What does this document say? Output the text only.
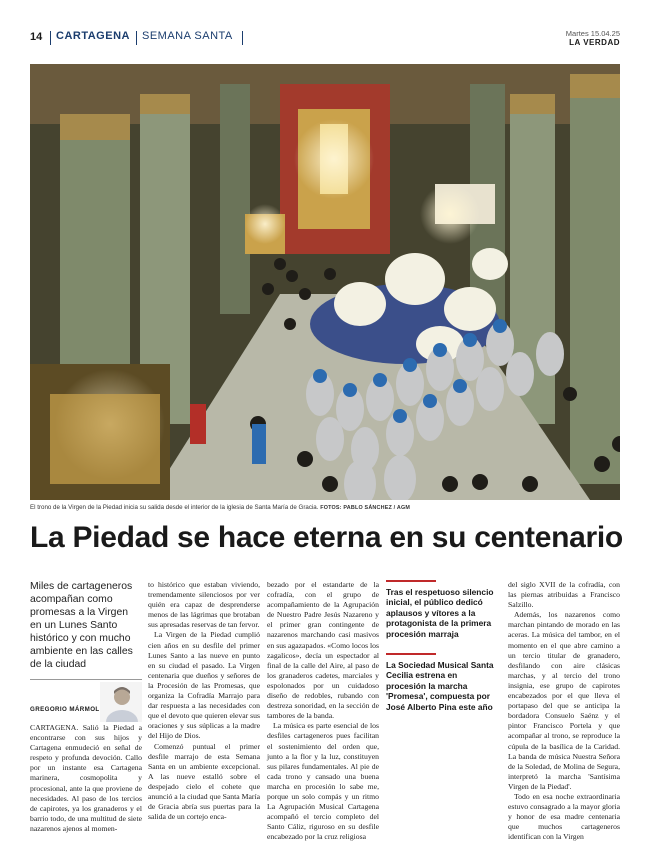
14 CARTAGENA SEMANA SANTA	Martes 15.04.25
LA VERDAD
El trono de la Virgen de la Piedad inicia su salida desde el interior de la iglesia de Santa María de Gracia. FOTOS: PABLO SÁNCHEZ / AGM
La Piedad se hace eterna en su centenario
Miles de cartageneros acompañan como promesas a la Virgen en un Lunes Santo histórico y con mucho ambiente en las calles de la ciudad
GREGORIO MÁRMOL

CARTAGENA. Salió la Piedad a encontrarse con sus hijos y Cartagena enmudeció en señal de respeto y profunda devoción. Callo por un instante esa Cartagena marinera, cosmopolita y procesional, ante la que proviene de necesidades. Al paso de los tercios de capirotes, ya los granaderos y el barrio todo, de una multitud de siete nazarenos ajenos al momen-

to histórico que estaban viviendo, tremendamente silenciosos por ver quién era capaz de desprenderse menos de las lágrimas que brotaban sus apresadas reservas de tan fervor.

La Virgen de la Piedad cumplió cien años en su desfile del primer Lunes Santo a las nueve en punto en su ciudad el pasado. La Virgen centenaria que dueños y señores de la Procesión de las Promesas, que organiza la Cofradía Marrajo para dar respuesta a las necesidades con que el devoto que quieren elevar sus oraciones y sus súplicas a la madre del Hijo de Dios.

Comenzó puntual el primer desfile marrajo de esta Semana Santa en un ambiente excepcional. A las nueve estalló sobre el despejado cielo el cohete que anunció a la ciudad que Santa María de Gracia abría sus puertas para la salida de un cortejo enca-

bezado por el estandarte de la cofradía, con el grupo de acompañamiento de la Agrupación de Nuestro Padre Jesús Nazareno y el primer gran contingente de nazarenos marchando casi masivos en sus agazapados. «Como locos los zagalicos», decía un espectador al final de la calle del Aire, al paso de los granaderos cadetes, marciales y espolonados por un cuidadoso diseño de redobles, rubando con destreza sonoridad, en la sección de tambores de la banda.

La música es parte esencial de los desfiles cartageneros pues facilitan el sostenimiento del orden que, junto a la flor y la luz, constituyen sus pilares fundamentales. Al pie de cada trono y cansado una buena marcha en procesión lo sabe me, porque un solo compás y un ritmo La Agrupación Musical Cartagena acompañó el tercio completo del Santo Cáliz, riguroso en su desfile encabezado por la cruz religiosa

Tras el respetuoso silencio inicial, el público dedicó aplausos y vítores a la protagonista de la primera procesión marraja
La Sociedad Musical Santa Cecilia estrena en procesión la marcha 'Promesa', compuesta por José Alberto Pina este año

del siglo XVII de la cofradía, con las piernas atribuidas a Francisco Salzillo.

Además, los nazarenos como marchan pintando de morado en las aceras. La música del tambor, en el momento en el que abre camino a un tercio titular de granadero, desfilando con aire clásicas marchas, y al tercio del trono insignia, ese grupo de capirotes encabezados por el que lleva el portapaso del que se anticipa la bordadora Consuelo Saénz y el pintor Francisco Portela y que acompañar al trono, se reproduce la cúpula de la basílica de la Caridad. La banda de música Nuestra Señora de la Soledad, de Molina de Segura, interpretó la marcha 'Santísima Virgen de la Piedad'.

Todo en esa noche extraordinaria estuvo consagrado a la mayor gloria y honor de esa madre centenaria que muchos cartageneros identifican con la Virgen
